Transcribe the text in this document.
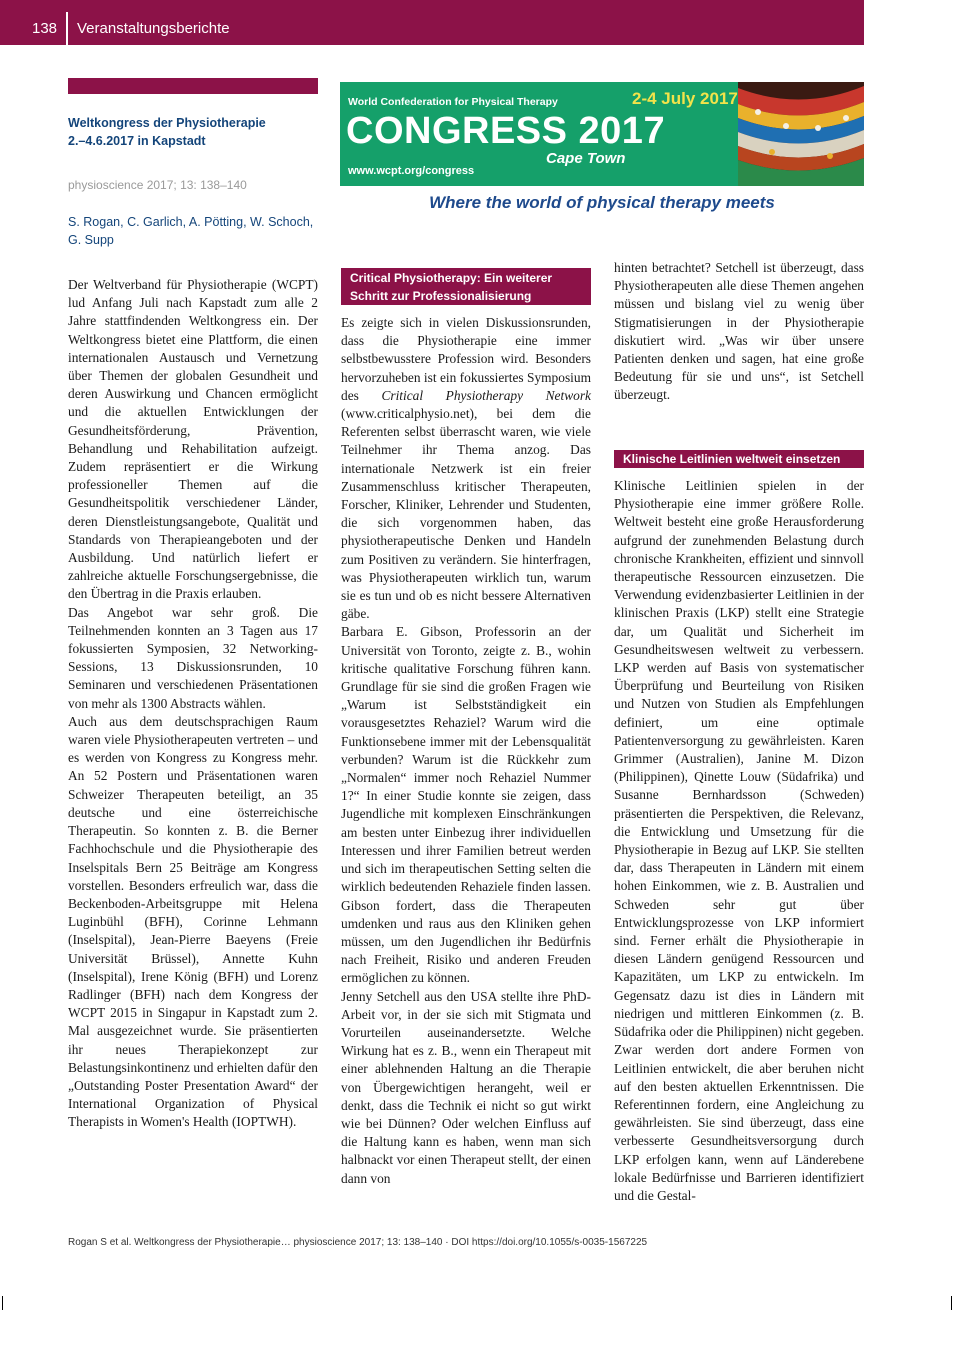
138 Veranstaltungsberichte
Weltkongress der Physiotherapie
2.–4.6.2017 in Kapstadt
physioscience 2017; 13: 138–140
S. Rogan, C. Garlich, A. Pötting, W. Schoch, G. Supp
World Confederation for Physical Therapy
CONGRESS 2017
Cape Town
www.wcpt.org/congress
2-4 July 2017
Where the world of physical therapy meets

Der Weltverband für Physiotherapie (WCPT) lud Anfang Juli nach Kapstadt zum alle 2 Jahre stattfindenden Weltkongress ein. Der Weltkongress bietet eine Plattform, die einen internationalen Austausch und Vernetzung über Themen der globalen Gesundheit und deren Auswirkung und Chancen ermöglicht und die aktuellen Entwicklungen der Gesundheitsförderung, Prävention, Behandlung und Rehabilitation aufzeigt. Zudem repräsentiert er die Wirkung professioneller Themen auf die Gesundheitspolitik verschiedener Länder, deren Dienstleistungsangebote, Qualität und Standards von Therapieangeboten und der Ausbildung. Und natürlich liefert er zahlreiche aktuelle Forschungsergebnisse, die den Übertrag in die Praxis erlauben.

Das Angebot war sehr groß. Die Teilnehmenden konnten an 3 Tagen aus 17 fokussierten Symposien, 32 Networking-Sessions, 13 Diskussionsrunden, 10 Seminaren und verschiedenen Präsentationen von mehr als 1300 Abstracts wählen.

Auch aus dem deutschsprachigen Raum waren viele Physiotherapeuten vertreten – und es werden von Kongress zu Kongress mehr. An 52 Postern und Präsentationen waren Schweizer Therapeuten beteiligt, an 35 deutsche und eine österreichische Therapeutin. So konnten z. B. die Berner Fachhochschule und die Physiotherapie des Inselspitals Bern 25 Beiträge am Kongress vorstellen. Besonders erfreulich war, dass die Beckenboden-Arbeitsgruppe mit Helena Luginbühl (BFH), Corinne Lehmann (Inselspital), Jean-Pierre Baeyens (Freie Universität Brüssel), Annette Kuhn (Inselspital), Irene König (BFH) und Lorenz Radlinger (BFH) nach dem Kongress der WCPT 2015 in Singapur in Kapstadt zum 2. Mal ausgezeichnet wurde. Sie präsentierten ihr neues Therapiekonzept zur Belastungsinkontinenz und erhielten dafür den „Outstanding Poster Presentation Award“ der International Organization of Physical Therapists in Women's Health (IOPTWH).

Critical Physiotherapy: Ein weiterer Schritt zur Professionalisierung

Es zeigte sich in vielen Diskussionsrunden, dass die Physiotherapie eine immer selbstbewusstere Profession wird. Besonders hervorzuheben ist ein fokussiertes Symposium des Critical Physiotherapy Network (www.criticalphysio.net), bei dem die Referenten selbst überrascht waren, wie viele Teilnehmer ihr Thema anzog. Das internationale Netzwerk ist ein freier Zusammenschluss kritischer Therapeuten, Forscher, Kliniker, Lehrender und Studenten, die sich vorgenommen haben, das physiotherapeutische Denken und Handeln zum Positiven zu verändern. Sie hinterfragen, was Physiotherapeuten wirklich tun, warum sie es tun und ob es nicht bessere Alternativen gäbe.

Barbara E. Gibson, Professorin an der Universität von Toronto, zeigte z. B., wohin kritische qualitative Forschung führen kann. Grundlage für sie sind die großen Fragen wie „Warum ist Selbstständigkeit ein vorausgesetztes Rehaziel? Warum wird die Funktionsebene immer mit der Lebensqualität verbunden? Warum ist die Rückkehr zum „Normalen“ immer noch Rehaziel Nummer 1?“ In einer Studie konnte sie zeigen, dass Jugendliche mit komplexen Einschränkungen am besten unter Einbezug ihrer individuellen Interessen und ihrer Familien betreut werden und sich im therapeutischen Setting selten die wirklich bedeutenden Rehaziele finden lassen. Gibson fordert, dass die Therapeuten umdenken und raus aus den Kliniken gehen müssen, um den Jugendlichen ihr Bedürfnis nach Freiheit, Risiko und anderen Freuden ermöglichen zu können.

Jenny Setchell aus den USA stellte ihre PhD-Arbeit vor, in der sie sich mit Stigmata und Vorurteilen auseinandersetzte. Welche Wirkung hat es z. B., wenn ein Therapeut mit einer ablehnenden Haltung an die Therapie von Übergewichtigen herangeht, weil er denkt, dass die Technik ei nicht so gut wirkt wie bei Dünnen? Oder welchen Einfluss auf die Haltung kann es haben, wenn man sich halbnackt vor einen Therapeut stellt, der einen dann von

hinten betrachtet? Setchell ist überzeugt, dass Physiotherapeuten alle diese Themen angehen müssen und bislang viel zu wenig über Stigmatisierungen in der Physiotherapie diskutiert wird. „Was wir über unsere Patienten denken und sagen, hat eine große Bedeutung für sie und uns“, ist Setchell überzeugt.

Klinische Leitlinien weltweit einsetzen

Klinische Leitlinien spielen in der Physiotherapie eine immer größere Rolle. Weltweit besteht eine große Herausforderung aufgrund der zunehmenden Belastung durch chronische Krankheiten, effizient und sinnvoll therapeutische Ressourcen einzusetzen. Die Verwendung evidenzbasierter Leitlinien in der klinischen Praxis (LKP) stellt eine Strategie dar, um Qualität und Sicherheit im Gesundheitswesen weltweit zu verbessern. LKP werden auf Basis von systematischer Überprüfung und Beurteilung von Risiken und Nutzen von Studien als Empfehlungen definiert, um eine optimale Patientenversorgung zu gewährleisten. Karen Grimmer (Australien), Janine M. Dizon (Philippinen), Qinette Louw (Südafrika) und Susanne Bernhardsson (Schweden) präsentierten die Perspektiven, die Relevanz, die Entwicklung und Umsetzung für die Physiotherapie in Bezug auf LKP. Sie stellten dar, dass Therapeuten in Ländern mit einem hohen Einkommen, wie z. B. Australien und Schweden sehr gut über Entwicklungsprozesse von LKP informiert sind. Ferner erhält die Physiotherapie in diesen Ländern genügend Ressourcen und Kapazitäten, um LKP zu entwickeln. Im Gegensatz dazu ist dies in Ländern mit niedrigen und mittleren Einkommen (z. B. Südafrika oder die Philippinen) nicht gegeben. Zwar werden dort andere Formen von Leitlinien entwickelt, die aber beruhen nicht auf den besten aktuellen Erkenntnissen. Die Referentinnen fordern, eine Angleichung zu gewährleisten. Sie sind überzeugt, dass eine verbesserte Gesundheitsversorgung durch LKP erfolgen kann, wenn auf Länderebene lokale Bedürfnisse und Barrieren identifiziert und die Gestal-

Rogan S et al. Weltkongress der Physiotherapie… physioscience 2017; 13: 138–140 · DOI https://doi.org/10.1055/s-0035-1567225
